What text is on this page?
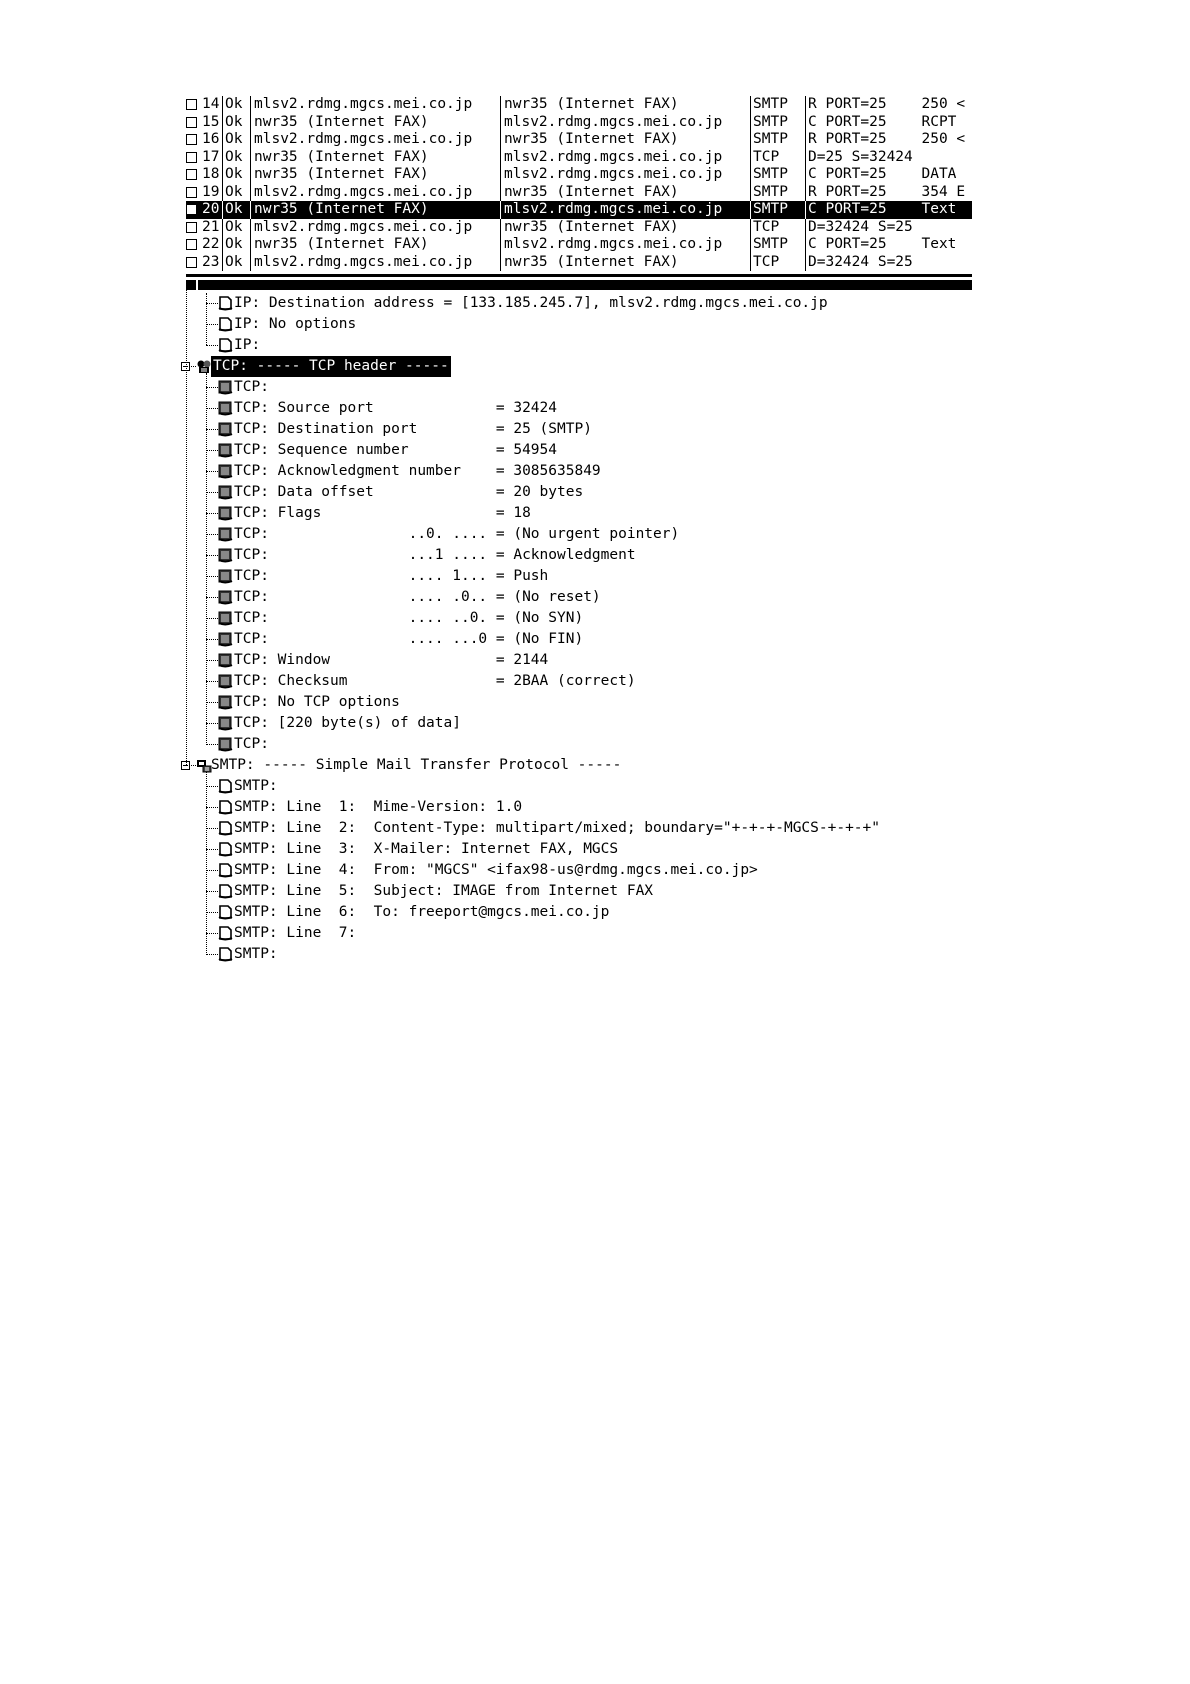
14 Ok mlsv2.rdmg.mgcs.mei.co.jp	nwr35 (Internet FAX)	SMTP	R PORT=25    250 <
15 Ok nwr35 (Internet FAX)	mlsv2.rdmg.mgcs.mei.co.jp	SMTP	C PORT=25    RCPT
16 Ok mlsv2.rdmg.mgcs.mei.co.jp	nwr35 (Internet FAX)	SMTP	R PORT=25    250 <
17 Ok nwr35 (Internet FAX)	mlsv2.rdmg.mgcs.mei.co.jp	TCP	D=25 S=32424
18 Ok nwr35 (Internet FAX)	mlsv2.rdmg.mgcs.mei.co.jp	SMTP	C PORT=25    DATA
19 Ok mlsv2.rdmg.mgcs.mei.co.jp	nwr35 (Internet FAX)	SMTP	R PORT=25    354 E
20 Ok nwr35 (Internet FAX)	mlsv2.rdmg.mgcs.mei.co.jp	SMTP	C PORT=25    Text
21 Ok mlsv2.rdmg.mgcs.mei.co.jp	nwr35 (Internet FAX)	TCP	D=32424 S=25
22 Ok nwr35 (Internet FAX)	mlsv2.rdmg.mgcs.mei.co.jp	SMTP	C PORT=25    Text
23 Ok mlsv2.rdmg.mgcs.mei.co.jp	nwr35 (Internet FAX)	TCP	D=32424 S=25
IP: Destination address = [133.185.245.7], mlsv2.rdmg.mgcs.mei.co.jp
IP: No options
IP:
TCP: ----- TCP header -----
TCP:
TCP: Source port              = 32424
TCP: Destination port         = 25 (SMTP)
TCP: Sequence number          = 54954
TCP: Acknowledgment number    = 3085635849
TCP: Data offset              = 20 bytes
TCP: Flags                    = 18
TCP:                ..0. .... = (No urgent pointer)
TCP:                ...1 .... = Acknowledgment
TCP:                .... 1... = Push
TCP:                .... .0.. = (No reset)
TCP:                .... ..0. = (No SYN)
TCP:                .... ...0 = (No FIN)
TCP: Window                   = 2144
TCP: Checksum                 = 2BAA (correct)
TCP: No TCP options
TCP: [220 byte(s) of data]
TCP:
SMTP: ----- Simple Mail Transfer Protocol -----
SMTP:
SMTP: Line  1:  Mime-Version: 1.0
SMTP: Line  2:  Content-Type: multipart/mixed; boundary="+-+-+-MGCS-+-+-+"
SMTP: Line  3:  X-Mailer: Internet FAX, MGCS
SMTP: Line  4:  From: "MGCS" <ifax98-us@rdmg.mgcs.mei.co.jp>
SMTP: Line  5:  Subject: IMAGE from Internet FAX
SMTP: Line  6:  To: freeport@mgcs.mei.co.jp
SMTP: Line  7:
SMTP:
